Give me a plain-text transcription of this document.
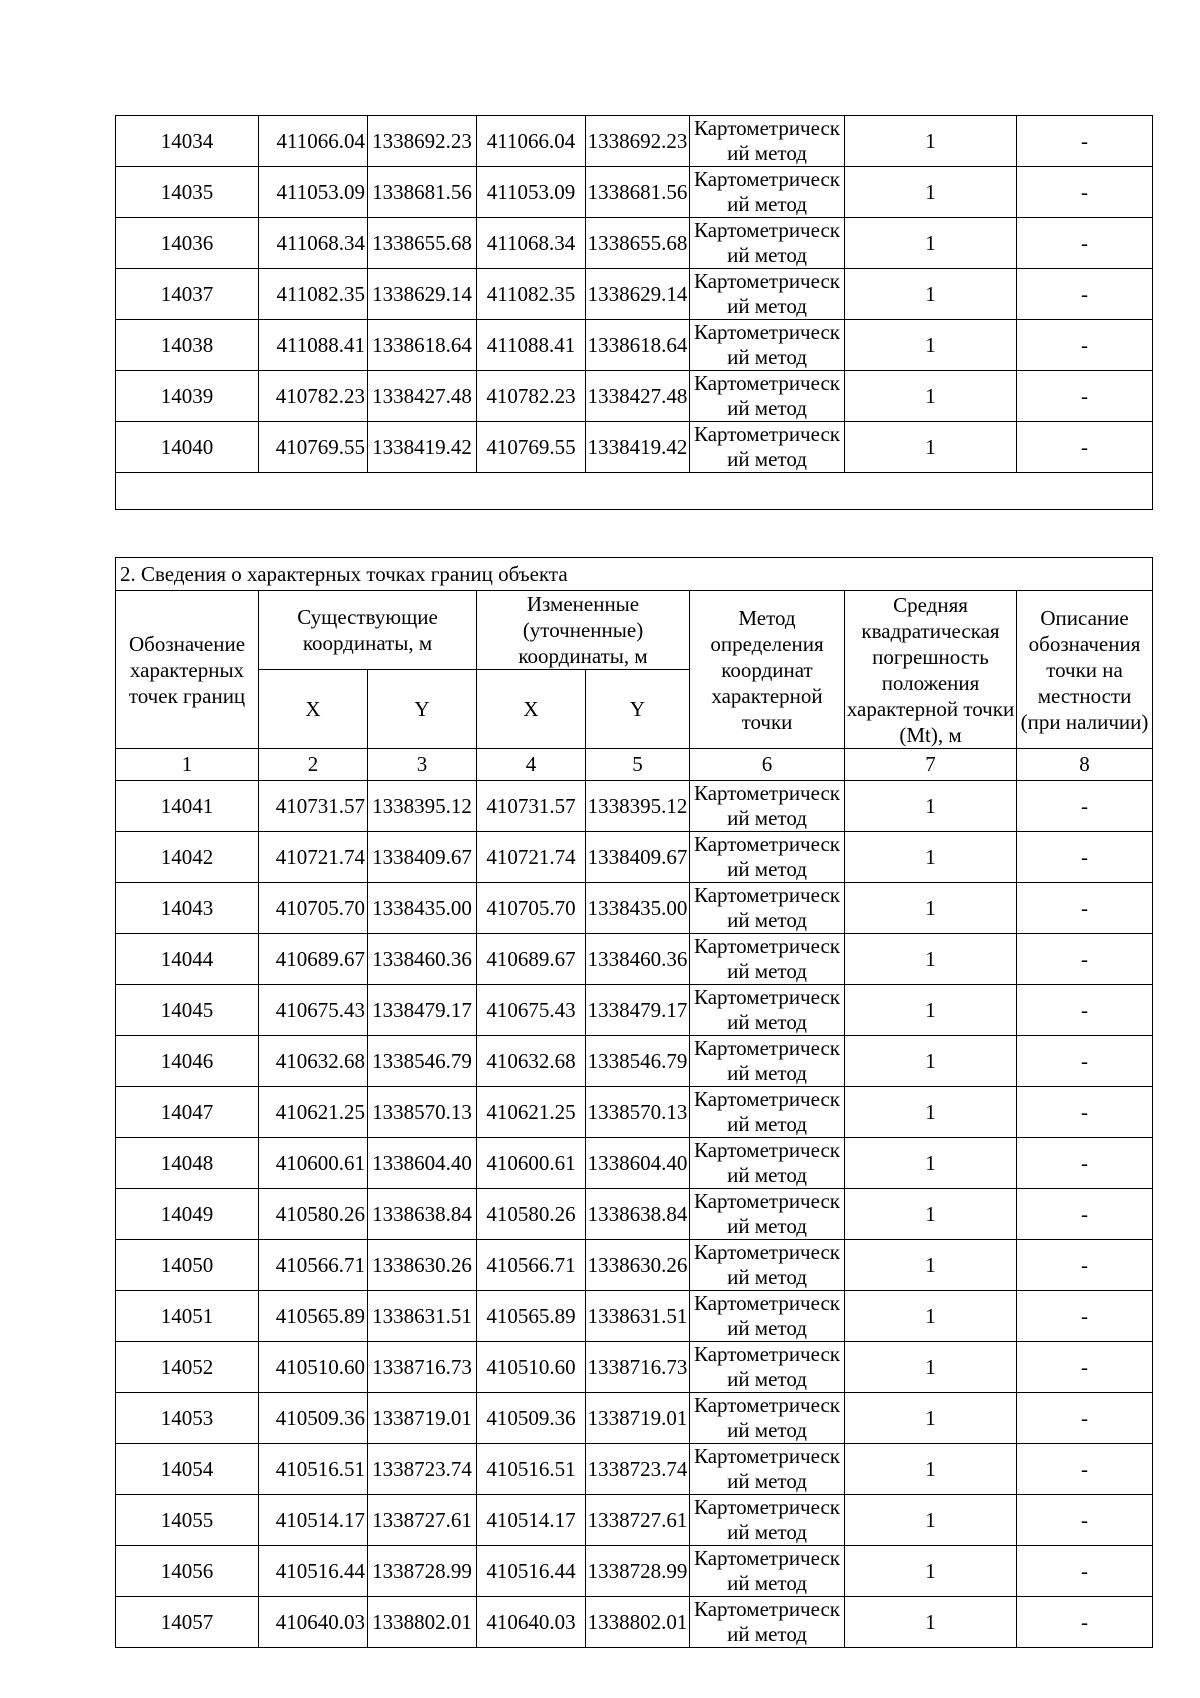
14034	411066.04	1338692.23	411066.04	1338692.23	Картометрический метод	1	-
14035	411053.09	1338681.56	411053.09	1338681.56	Картометрический метод	1	-
14036	411068.34	1338655.68	411068.34	1338655.68	Картометрический метод	1	-
14037	411082.35	1338629.14	411082.35	1338629.14	Картометрический метод	1	-
14038	411088.41	1338618.64	411088.41	1338618.64	Картометрический метод	1	-
14039	410782.23	1338427.48	410782.23	1338427.48	Картометрический метод	1	-
14040	410769.55	1338419.42	410769.55	1338419.42	Картометрический метод	1	-

2. Сведения о характерных точках границ объекта							
Обозначение характерных точек границ	Существующие координаты, м		Измененные (уточненные) координаты, м		Метод определения координат характерной точки	Средняя квадратическая погрешность положения характерной точки (Mt), м	Описание обозначения точки на местности (при наличии)
	X	Y	X	Y			
1	2	3	4	5	6	7	8
14041	410731.57	1338395.12	410731.57	1338395.12	Картометрический метод	1	-
14042	410721.74	1338409.67	410721.74	1338409.67	Картометрический метод	1	-
14043	410705.70	1338435.00	410705.70	1338435.00	Картометрический метод	1	-
14044	410689.67	1338460.36	410689.67	1338460.36	Картометрический метод	1	-
14045	410675.43	1338479.17	410675.43	1338479.17	Картометрический метод	1	-
14046	410632.68	1338546.79	410632.68	1338546.79	Картометрический метод	1	-
14047	410621.25	1338570.13	410621.25	1338570.13	Картометрический метод	1	-
14048	410600.61	1338604.40	410600.61	1338604.40	Картометрический метод	1	-
14049	410580.26	1338638.84	410580.26	1338638.84	Картометрический метод	1	-
14050	410566.71	1338630.26	410566.71	1338630.26	Картометрический метод	1	-
14051	410565.89	1338631.51	410565.89	1338631.51	Картометрический метод	1	-
14052	410510.60	1338716.73	410510.60	1338716.73	Картометрический метод	1	-
14053	410509.36	1338719.01	410509.36	1338719.01	Картометрический метод	1	-
14054	410516.51	1338723.74	410516.51	1338723.74	Картометрический метод	1	-
14055	410514.17	1338727.61	410514.17	1338727.61	Картометрический метод	1	-
14056	410516.44	1338728.99	410516.44	1338728.99	Картометрический метод	1	-
14057	410640.03	1338802.01	410640.03	1338802.01	Картометрический метод	1	-
